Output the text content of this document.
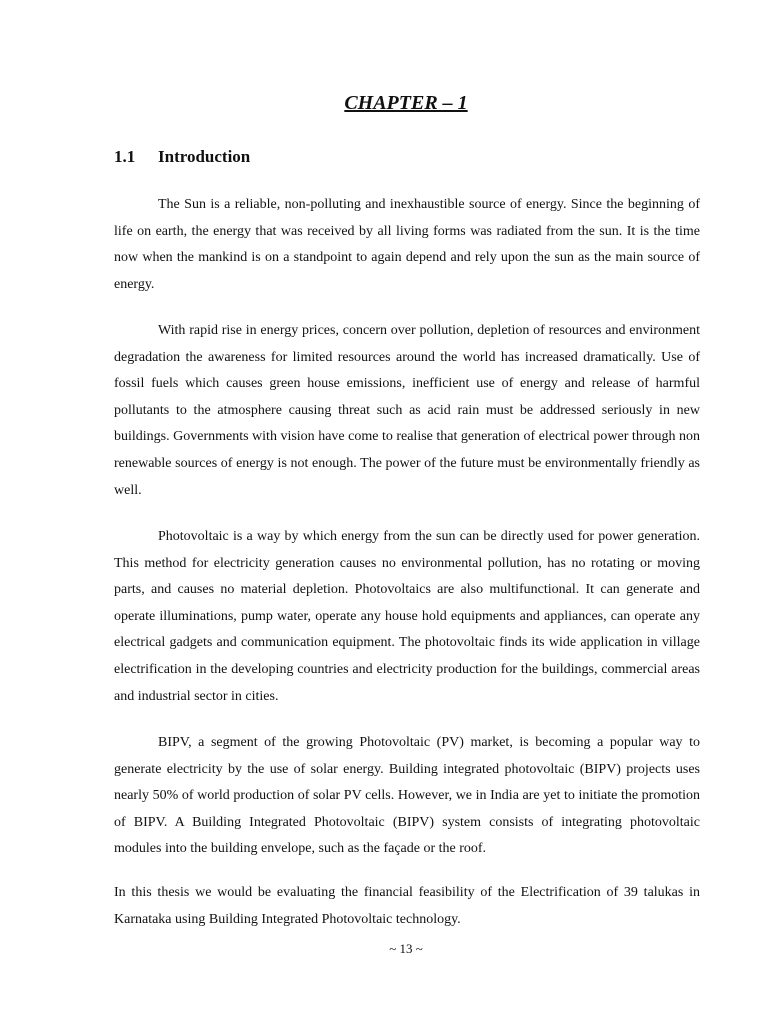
CHAPTER – 1
1.1 Introduction

The Sun is a reliable, non-polluting and inexhaustible source of energy. Since the beginning of life on earth, the energy that was received by all living forms was radiated from the sun. It is the time now when the mankind is on a standpoint to again depend and rely upon the sun as the main source of energy.

With rapid rise in energy prices, concern over pollution, depletion of resources and environment degradation the awareness for limited resources around the world has increased dramatically. Use of fossil fuels which causes green house emissions, inefficient use of energy and release of harmful pollutants to the atmosphere causing threat such as acid rain must be addressed seriously in new buildings. Governments with vision have come to realise that generation of electrical power through non renewable sources of energy is not enough. The power of the future must be environmentally friendly as well.

Photovoltaic is a way by which energy from the sun can be directly used for power generation. This method for electricity generation causes no environmental pollution, has no rotating or moving parts, and causes no material depletion. Photovoltaics are also multifunctional. It can generate and operate illuminations, pump water, operate any house hold equipments and appliances, can operate any electrical gadgets and communication equipment. The photovoltaic finds its wide application in village electrification in the developing countries and electricity production for the buildings, commercial areas and industrial sector in cities.

BIPV, a segment of the growing Photovoltaic (PV) market, is becoming a popular way to generate electricity by the use of solar energy. Building integrated photovoltaic (BIPV) projects uses nearly 50% of world production of solar PV cells. However, we in India are yet to initiate the promotion of BIPV. A Building Integrated Photovoltaic (BIPV) system consists of integrating photovoltaic modules into the building envelope, such as the façade or the roof.

In this thesis we would be evaluating the financial feasibility of the Electrification of 39 talukas in Karnataka using Building Integrated Photovoltaic technology.

~ 13 ~
